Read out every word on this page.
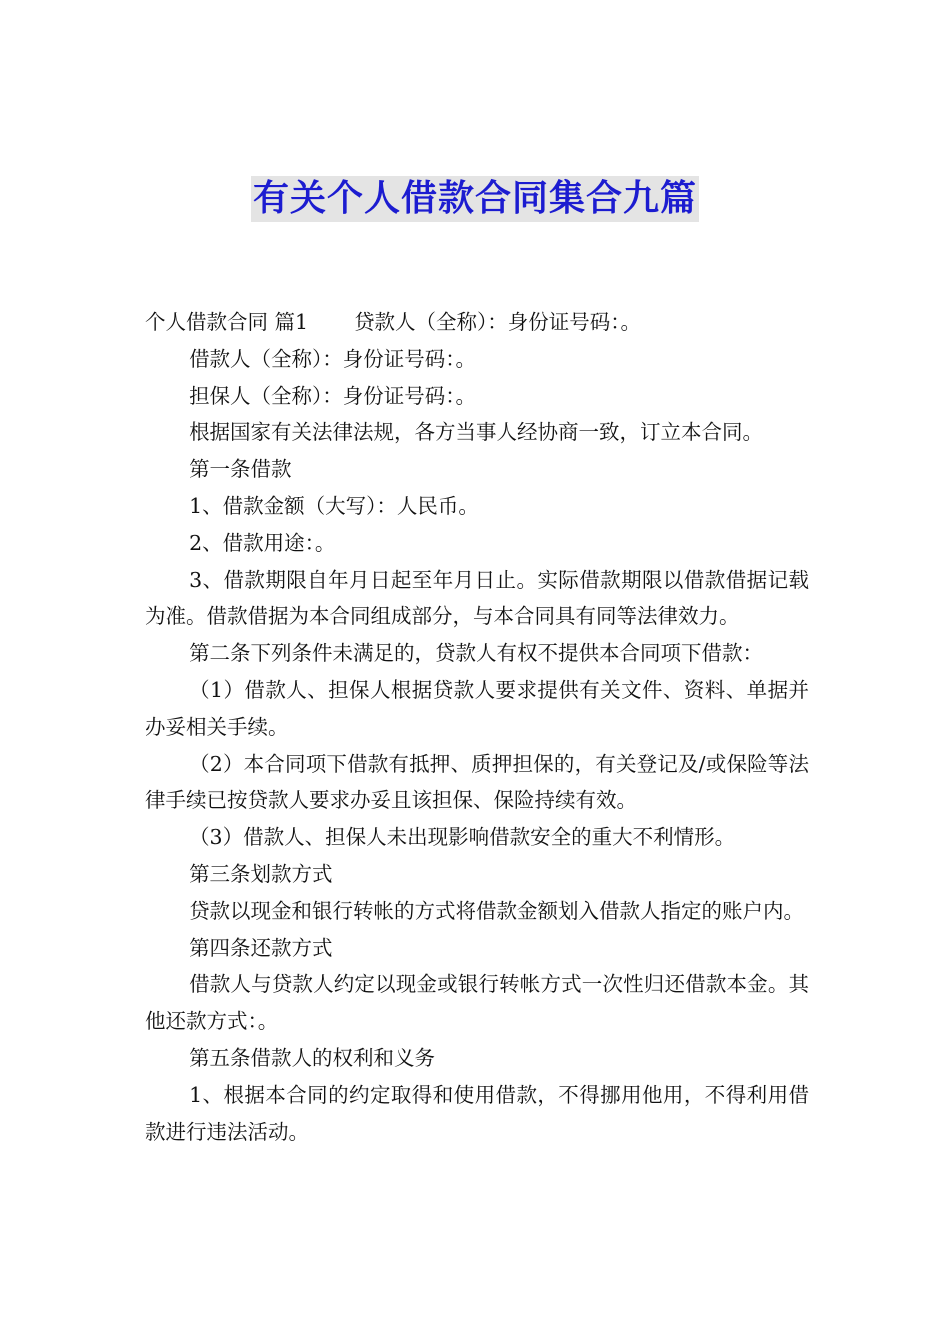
有关个人借款合同集合九篇

个人借款合同 篇1 贷款人（全称）：身份证号码：。

借款人（全称）：身份证号码：。

担保人（全称）：身份证号码：。

根据国家有关法律法规，各方当事人经协商一致，订立本合同。

第一条借款

1、借款金额（大写）：人民币。

2、借款用途：。

3、借款期限自年月日起至年月日止。实际借款期限以借款借据记载为准。借款借据为本合同组成部分，与本合同具有同等法律效力。

第二条下列条件未满足的，贷款人有权不提供本合同项下借款：

（1）借款人、担保人根据贷款人要求提供有关文件、资料、单据并办妥相关手续。

（2）本合同项下借款有抵押、质押担保的，有关登记及/或保险等法律手续已按贷款人要求办妥且该担保、保险持续有效。

（3）借款人、担保人未出现影响借款安全的重大不利情形。

第三条划款方式

贷款以现金和银行转帐的方式将借款金额划入借款人指定的账户内。

第四条还款方式

借款人与贷款人约定以现金或银行转帐方式一次性归还借款本金。其他还款方式：。

第五条借款人的权利和义务

1、根据本合同的约定取得和使用借款，不得挪用他用，不得利用借款进行违法活动。
